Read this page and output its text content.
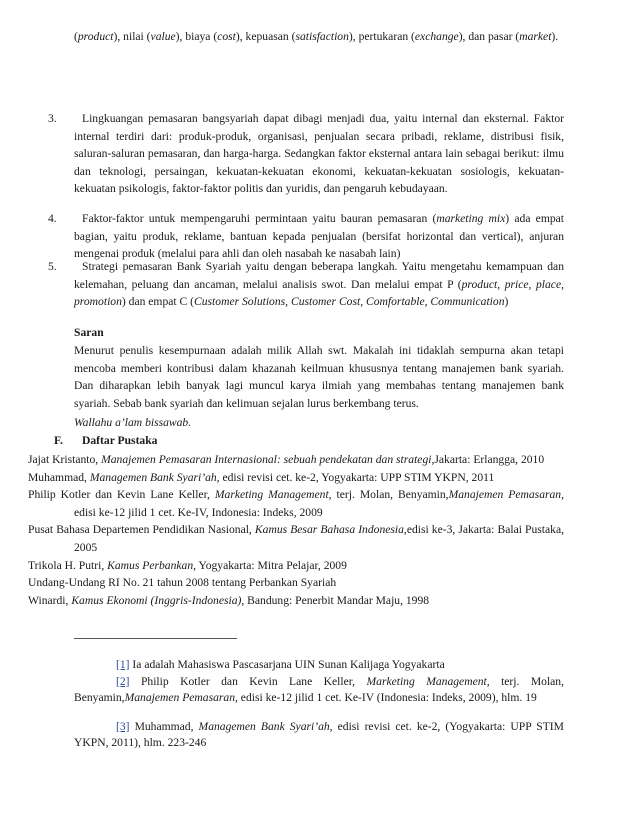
(product), nilai (value), biaya (cost), kepuasan (satisfaction), pertukaran (exchange), dan pasar (market).
3.	Lingkuangan pemasaran bangsyariah dapat dibagi menjadi dua, yaitu internal dan eksternal. Faktor internal terdiri dari: produk-produk, organisasi, penjualan secara pribadi, reklame, distribusi fisik, saluran-saluran pemasaran, dan harga-harga. Sedangkan faktor eksternal antara lain sebagai berikut: ilmu dan teknologi, persaingan, kekuatan-kekuatan ekonomi, kekuatan-kekuatan sosiologis, kekuatan-kekuatan psikologis, faktor-faktor politis dan yuridis, dan pengaruh kebudayaan.
4.	Faktor-faktor untuk mempengaruhi permintaan yaitu bauran pemasaran (marketing mix) ada empat bagian, yaitu produk, reklame, bantuan kepada penjualan (bersifat horizontal dan vertical), anjuran mengenai produk (melalui para ahli dan oleh nasabah ke nasabah lain)
5.	Strategi pemasaran Bank Syariah yaitu dengan beberapa langkah. Yaitu mengetahu kemampuan dan kelemahan, peluang dan ancaman, melalui analisis swot. Dan melalui empat P (product, price, place, promotion) dan empat C (Customer Solutions, Customer Cost, Comfortable, Communication)
Saran
Menurut penulis kesempurnaan adalah milik Allah swt. Makalah ini tidaklah sempurna akan tetapi mencoba memberi kontribusi dalam khazanah keilmuan khususnya tentang manajemen bank syariah. Dan diharapkan lebih banyak lagi muncul karya ilmiah yang membahas tentang manajemen bank syariah. Sebab bank syariah dan kelimuan sejalan lurus berkembang terus.
Wallahu a’lam bissawab.
F. Daftar Pustaka
Jajat Kristanto, Manajemen Pemasaran Internasional: sebuah pendekatan dan strategi,Jakarta: Erlangga, 2010
Muhammad, Managemen Bank Syari’ah, edisi revisi cet. ke-2, Yogyakarta: UPP STIM YKPN, 2011
Philip Kotler dan Kevin Lane Keller, Marketing Management, terj. Molan, Benyamin,Manajemen Pemasaran, edisi ke-12 jilid 1 cet. Ke-IV, Indonesia: Indeks, 2009
Pusat Bahasa Departemen Pendidikan Nasional, Kamus Besar Bahasa Indonesia,edisi ke-3, Jakarta: Balai Pustaka, 2005
Trikola H. Putri, Kamus Perbankan, Yogyakarta: Mitra Pelajar, 2009
Undang-Undang RI No. 21 tahun 2008 tentang Perbankan Syariah
Winardi, Kamus Ekonomi (Inggris-Indonesia), Bandung: Penerbit Mandar Maju, 1998
[1] Ia adalah Mahasiswa Pascasarjana UIN Sunan Kalijaga Yogyakarta
[2] Philip Kotler dan Kevin Lane Keller, Marketing Management, terj. Molan, Benyamin,Manajemen Pemasaran, edisi ke-12 jilid 1 cet. Ke-IV (Indonesia: Indeks, 2009), hlm. 19
[3] Muhammad, Managemen Bank Syari’ah, edisi revisi cet. ke-2, (Yogyakarta: UPP STIM YKPN, 2011), hlm. 223-246
